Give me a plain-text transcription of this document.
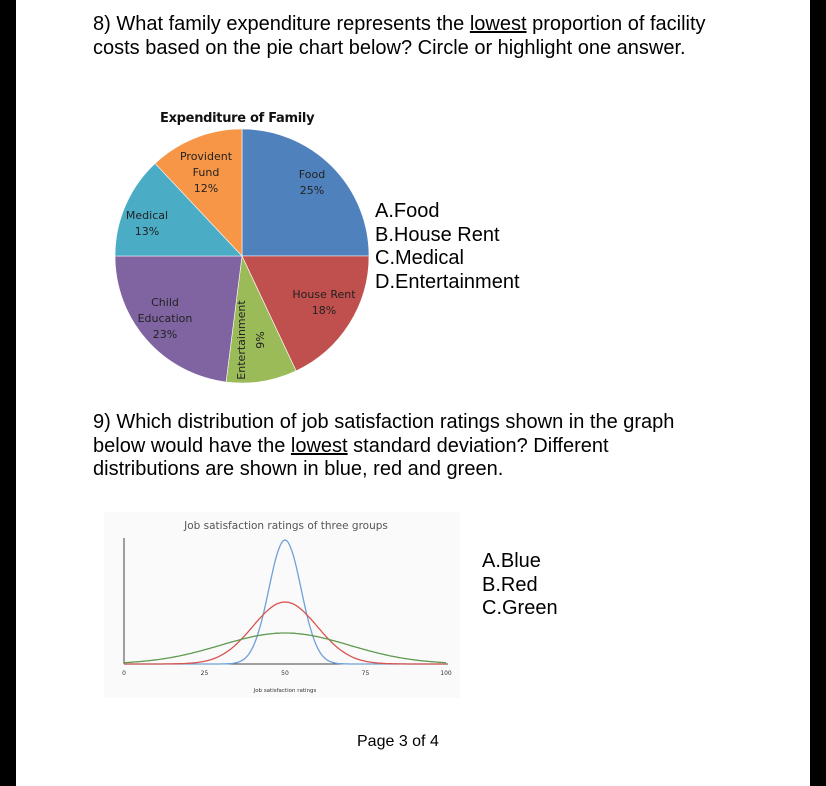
8) What family expenditure represents the lowest proportion of facility costs based on the pie chart below? Circle or highlight one answer.
Expenditure of Family
Food
25%
House Rent
18%
Entertainment 9%
Child
Education
23%
Medical
13%
Provident
Fund
12%
A.Food
B.House Rent
C.Medical
D.Entertainment
9) Which distribution of job satisfaction ratings shown in the graph below would have the lowest standard deviation? Different distributions are shown in blue, red and green.
Job satisfaction ratings of three groups
0	25	50	75	100
Job satisfaction ratings
A.Blue
B.Red
C.Green
Page 3 of 4
